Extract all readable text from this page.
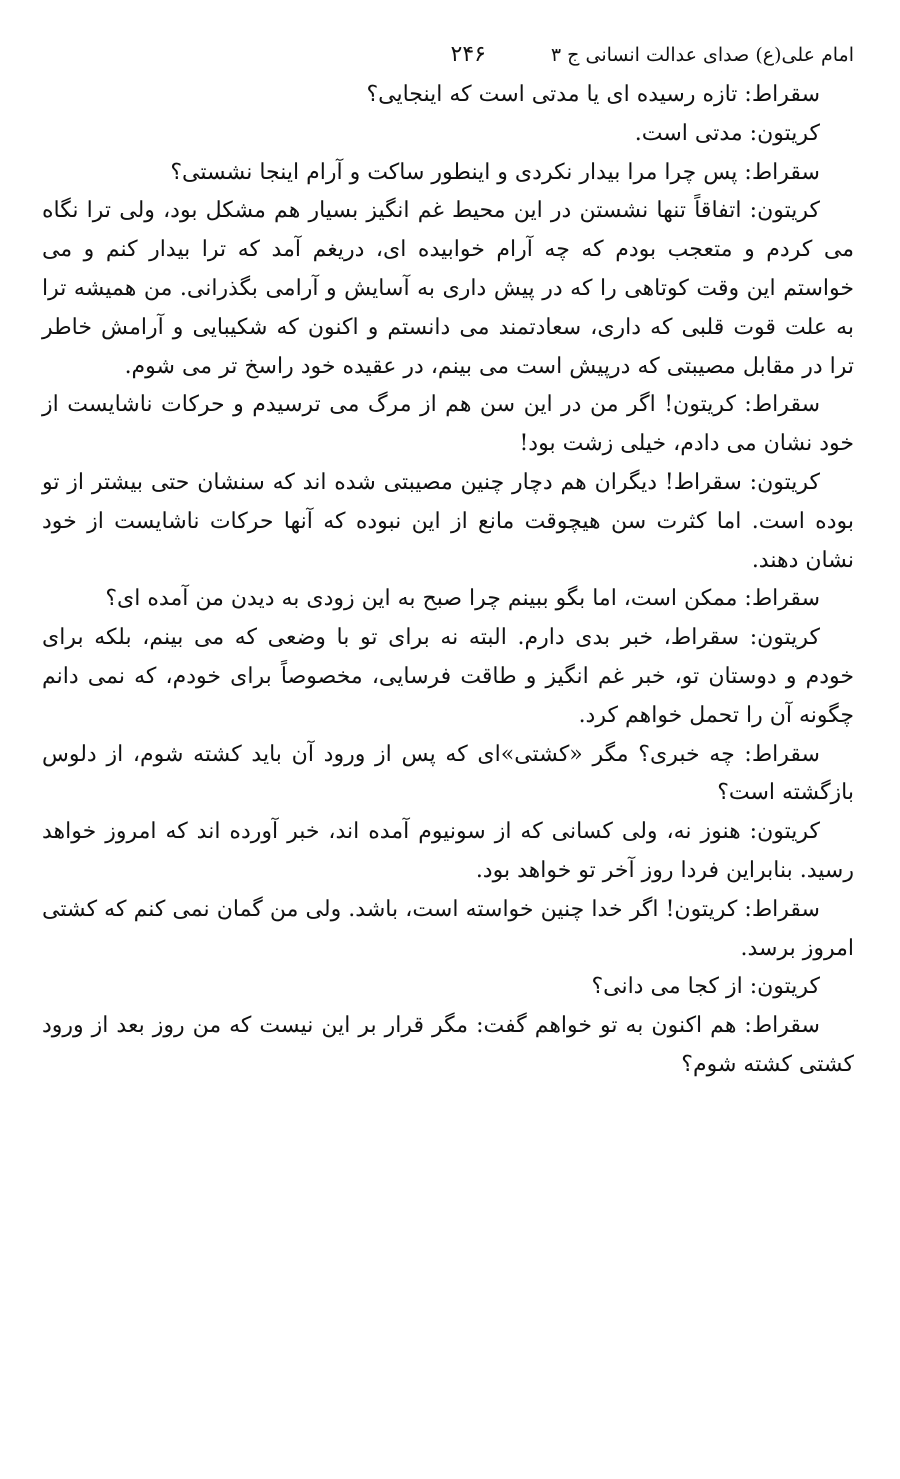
امام علی(ع) صدای عدالت انسانی ج ۳
۲۴۶

سقراط: تازه رسیده ای یا مدتی است که اینجایی؟

کریتون: مدتی است.

سقراط: پس چرا مرا بیدار نکردی و اینطور ساکت و آرام اینجا نشستی؟

کریتون: اتفاقاً تنها نشستن در این محیط غم انگیز بسیار هم مشکل بود، ولی ترا نگاه می کردم و متعجب بودم که چه آرام خوابیده ای، دریغم آمد که ترا بیدار کنم و می خواستم این وقت کوتاهی را که در پیش داری به آسایش و آرامی بگذرانی. من همیشه ترا به علت قوت قلبی که داری، سعادتمند می دانستم و اکنون که شکیبایی و آرامش خاطر ترا در مقابل مصیبتی که درپیش است می بینم، در عقیده خود راسخ تر می شوم.

سقراط: کریتون! اگر من در این سن هم از مرگ می ترسیدم و حرکات ناشایست از خود نشان می دادم، خیلی زشت بود!

کریتون: سقراط! دیگران هم دچار چنین مصیبتی شده اند که سنشان حتی بیشتر از تو بوده است. اما کثرت سن هیچوقت مانع از این نبوده که آنها حرکات ناشایست از خود نشان دهند.

سقراط: ممکن است، اما بگو ببینم چرا صبح به این زودی به دیدن من آمده ای؟

کریتون: سقراط، خبر بدی دارم. البته نه برای تو با وضعی که می بینم، بلکه برای خودم و دوستان تو، خبر غم انگیز و طاقت فرسایی، مخصوصاً برای خودم، که نمی دانم چگونه آن را تحمل خواهم کرد.

سقراط: چه خبری؟ مگر «کشتی»ای که پس از ورود آن باید کشته شوم، از دلوس بازگشته است؟

کریتون: هنوز نه، ولی کسانی که از سونیوم آمده اند، خبر آورده اند که امروز خواهد رسید. بنابراین فردا روز آخر تو خواهد بود.

سقراط: کریتون! اگر خدا چنین خواسته است، باشد. ولی من گمان نمی کنم که کشتی امروز برسد.

کریتون: از کجا می دانی؟

سقراط: هم اکنون به تو خواهم گفت: مگر قرار بر این نیست که من روز بعد از ورود کشتی کشته شوم؟
